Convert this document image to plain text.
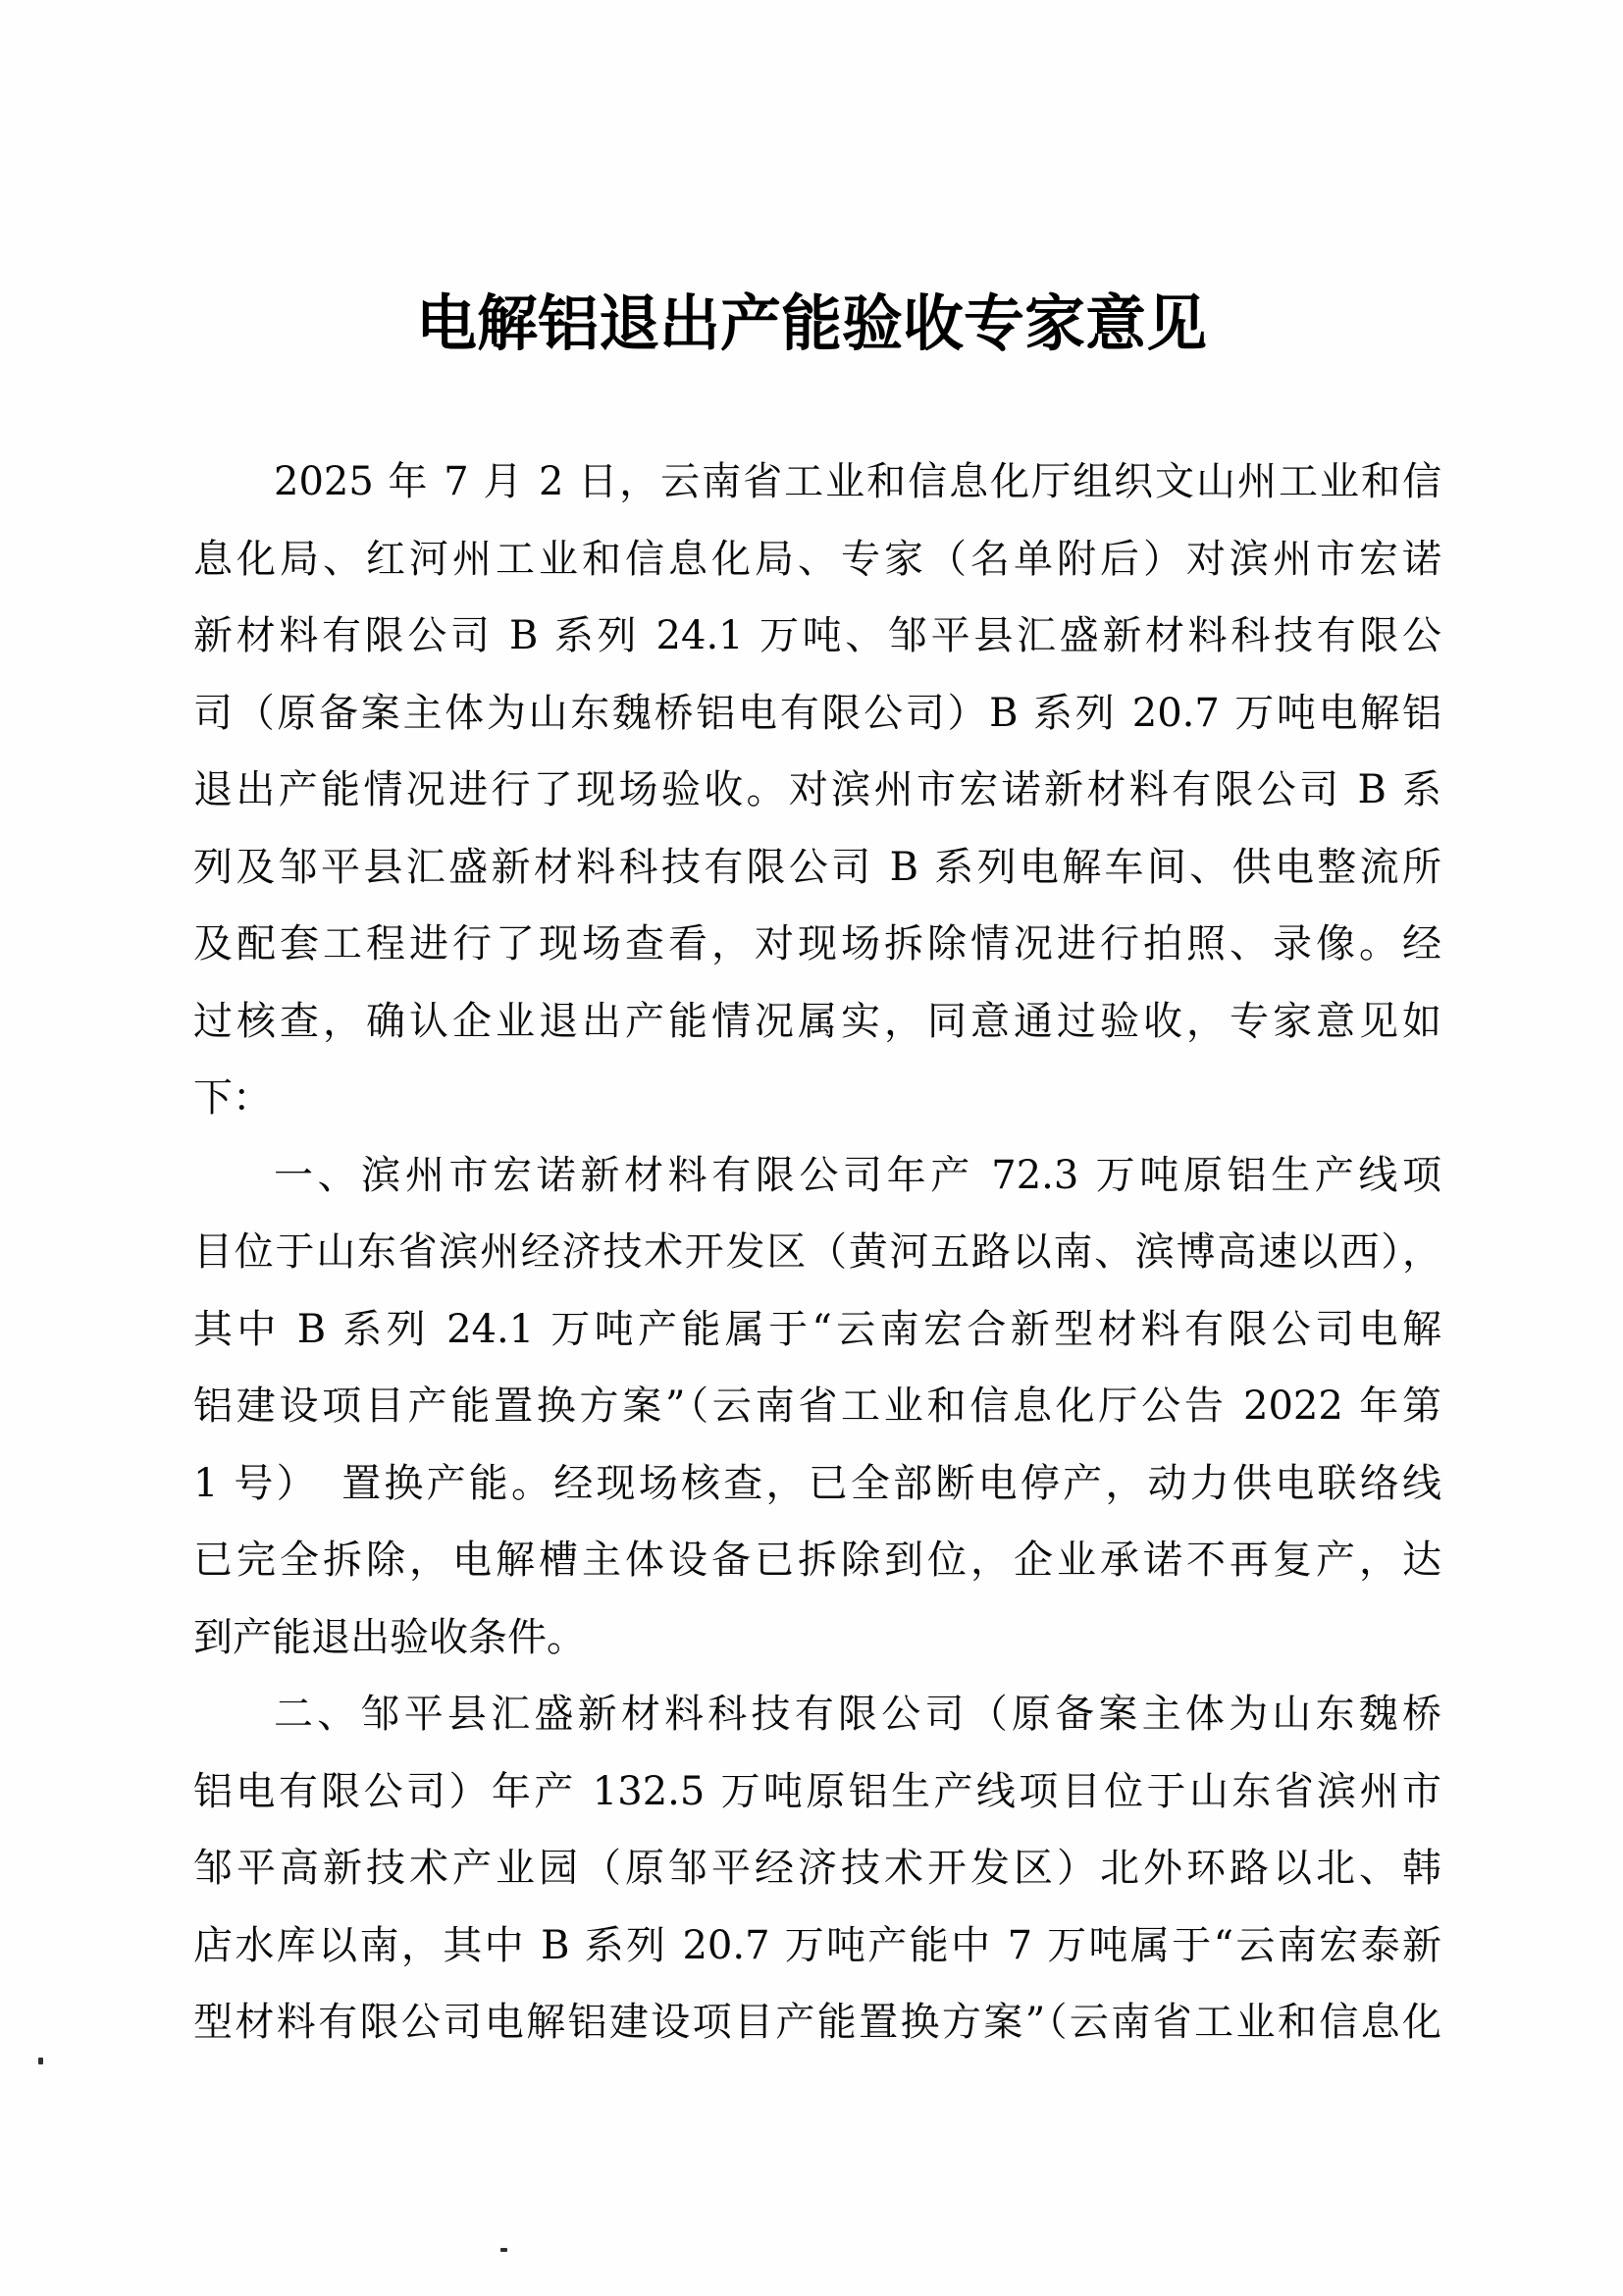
电解铝退出产能验收专家意见
2025 年 7 月 2 日，云南省工业和信息化厅组织文山州工业和信
息化局、红河州工业和信息化局、专家（名单附后）对滨州市宏诺
新材料有限公司 B 系列 24.1 万吨、邹平县汇盛新材料科技有限公
司（原备案主体为山东魏桥铝电有限公司）B 系列 20.7 万吨电解铝
退出产能情况进行了现场验收。对滨州市宏诺新材料有限公司 B 系
列及邹平县汇盛新材料科技有限公司 B 系列电解车间、供电整流所
及配套工程进行了现场查看，对现场拆除情况进行拍照、录像。经
过核查，确认企业退出产能情况属实，同意通过验收，专家意见如
下：
一、滨州市宏诺新材料有限公司年产 72.3 万吨原铝生产线项
目位于山东省滨州经济技术开发区（黄河五路以南、滨博高速以西），
其中 B 系列 24.1 万吨产能属于“云南宏合新型材料有限公司电解
铝建设项目产能置换方案”（云南省工业和信息化厅公告 2022 年第
1 号）　置换产能。经现场核查，已全部断电停产，动力供电联络线
已完全拆除，电解槽主体设备已拆除到位，企业承诺不再复产，达
到产能退出验收条件。
二、邹平县汇盛新材料科技有限公司（原备案主体为山东魏桥
铝电有限公司）年产 132.5 万吨原铝生产线项目位于山东省滨州市
邹平高新技术产业园（原邹平经济技术开发区）北外环路以北、韩
店水库以南，其中 B 系列 20.7 万吨产能中 7 万吨属于“云南宏泰新
型材料有限公司电解铝建设项目产能置换方案”（云南省工业和信息化
